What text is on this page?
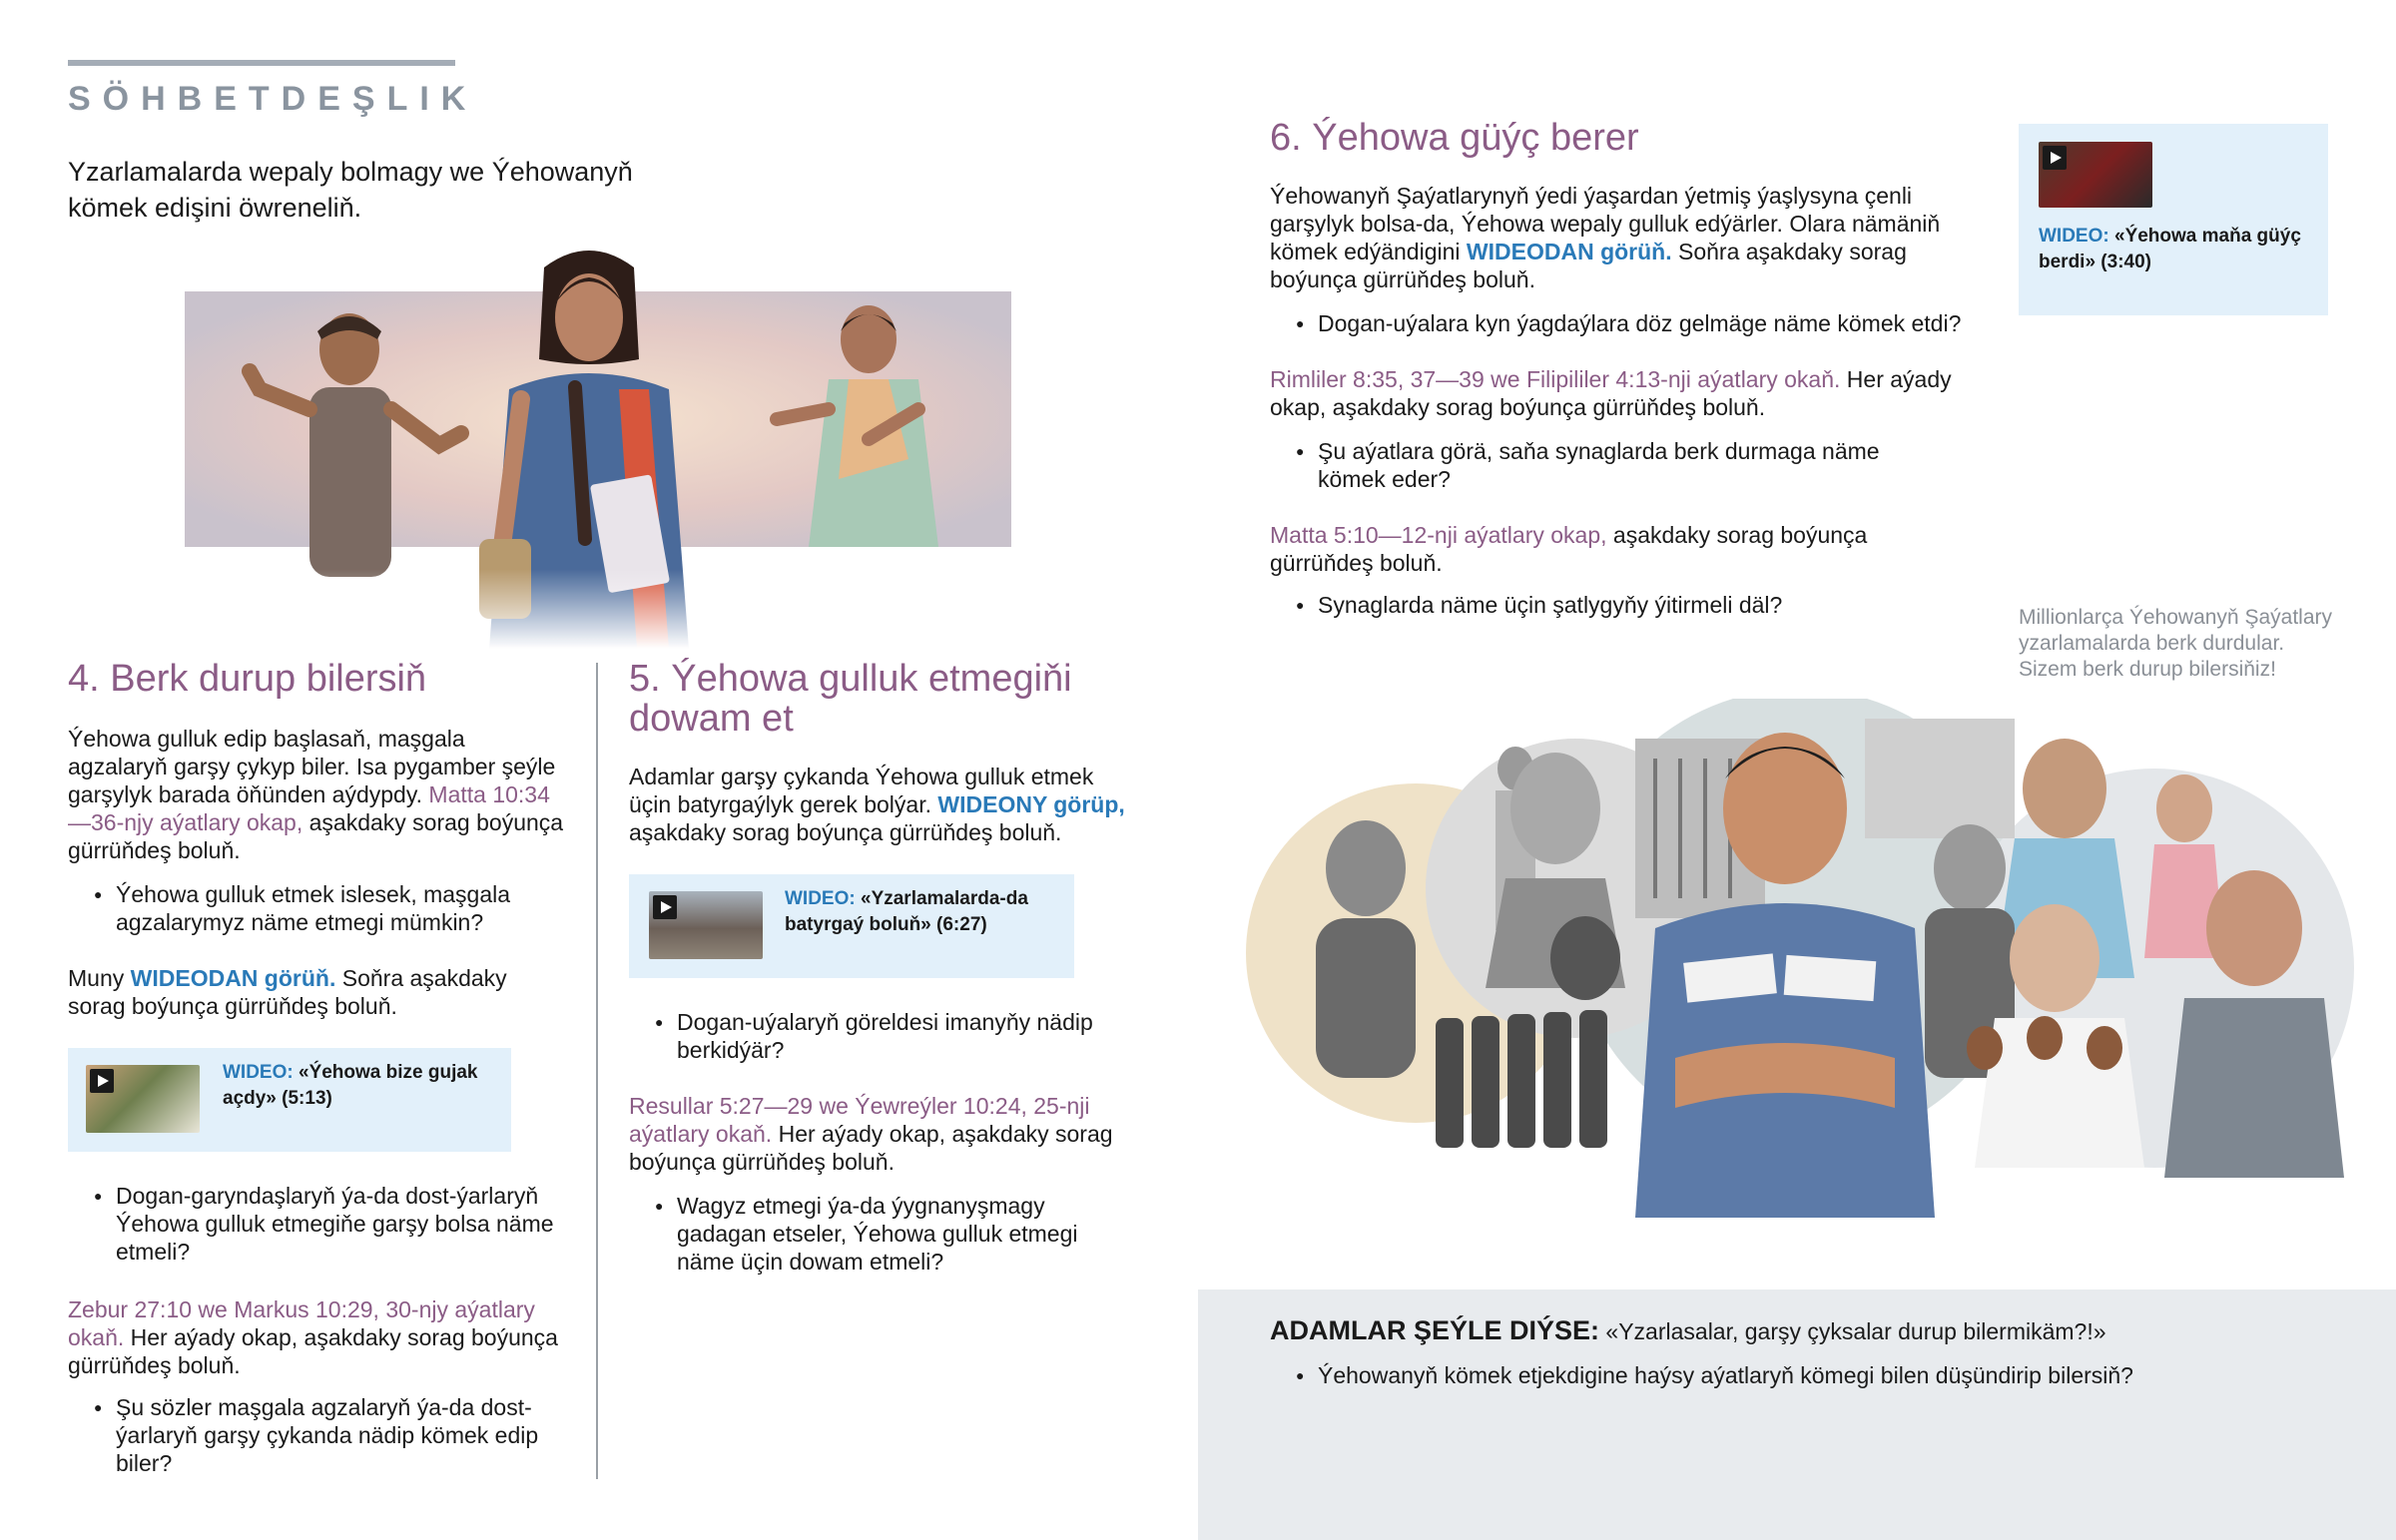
SÖHBETDEŞLIK

Yzarlamalarda wepaly bolmagy we Ýehowanyň kömek edişini öwreneliň.

4. Berk durup bilersiň

Ýehowa gulluk edip başlasaň, maşgala agzalaryň garşy çykyp biler. Isa pygamber şeýle garşylyk barada öňünden aýdypdy. Matta 10:34—36-njy aýatlary okap, aşakdaky sorag boýunça gürrüňdeş boluň.

● Ýehowa gulluk etmek islesek, maşgala agzalarymyz näme etmegi mümkin?

Muny WIDEODAN görüň. Soňra aşakdaky sorag boýunça gürrüňdeş boluň.

WIDEO: «Ýehowa bize gujak açdy» (5:13)
● Dogan-garyndaşlaryň ýa-da dost-ýarlaryň Ýehowa gulluk etmegiňe garşy bolsa näme etmeli?

Zebur 27:10 we Markus 10:29, 30-njy aýatlary okaň. Her aýady okap, aşakdaky sorag boýunça gürrüňdeş boluň.

● Şu sözler maşgala agzalaryň ýa-da dost-ýarlaryň garşy çykanda nädip kömek edip biler?
5. Ýehowa gulluk etmegiňi dowam et

Adamlar garşy çykanda Ýehowa gulluk etmek üçin batyrgaýlyk gerek bolýar. WIDEONY görüp, aşakdaky sorag boýunça gürrüňdeş boluň.

WIDEO: «Yzarlamalarda-da batyrgaý boluň» (6:27)
● Dogan-uýalaryň göreldesi imanyňy nädip berkidýär?

Resullar 5:27—29 we Ýewreýler 10:24, 25-nji aýatlary okaň. Her aýady okap, aşakdaky sorag boýunça gürrüňdeş boluň.

● Wagyz etmegi ýa-da ýygnanyşmagy gadagan etseler, Ýehowa gulluk etmegi näme üçin dowam etmeli?
6. Ýehowa güýç berer

Ýehowanyň Şaýatlarynyň ýedi ýaşardan ýetmiş ýaşlysyna çenli garşylyk bolsa-da, Ýehowa wepaly gulluk edýärler. Olara nämäniň kömek edýändigini WIDEODAN görüň. Soňra aşakdaky sorag boýunça gürrüňdeş boluň.

● Dogan-uýalara kyn ýagdaýlara döz gelmäge näme kömek etdi?

Rimliler 8:35, 37—39 we Filipililer 4:13-nji aýatlary okaň. Her aýady okap, aşakdaky sorag boýunça gürrüňdeş boluň.

● Şu aýatlara görä, saňa synaglarda berk durmaga näme kömek eder?

Matta 5:10—12-nji aýatlary okap, aşakdaky sorag boýunça gürrüňdeş boluň.

● Synaglarda näme üçin şatlygyňy ýitirmeli däl?
WIDEO: «Ýehowa maňa güýç berdi» (3:40)

Millionlarça Ýehowanyň Şaýatlary yzarlamalarda berk durdular. Sizem berk durup bilersiňiz!

ADAMLAR ŞEÝLE DIÝSE: «Yzarlasalar, garşy çyksalar durup bilermikäm?!»

● Ýehowanyň kömek etjekdigine haýsy aýatlaryň kömegi bilen düşündirip bilersiň?
